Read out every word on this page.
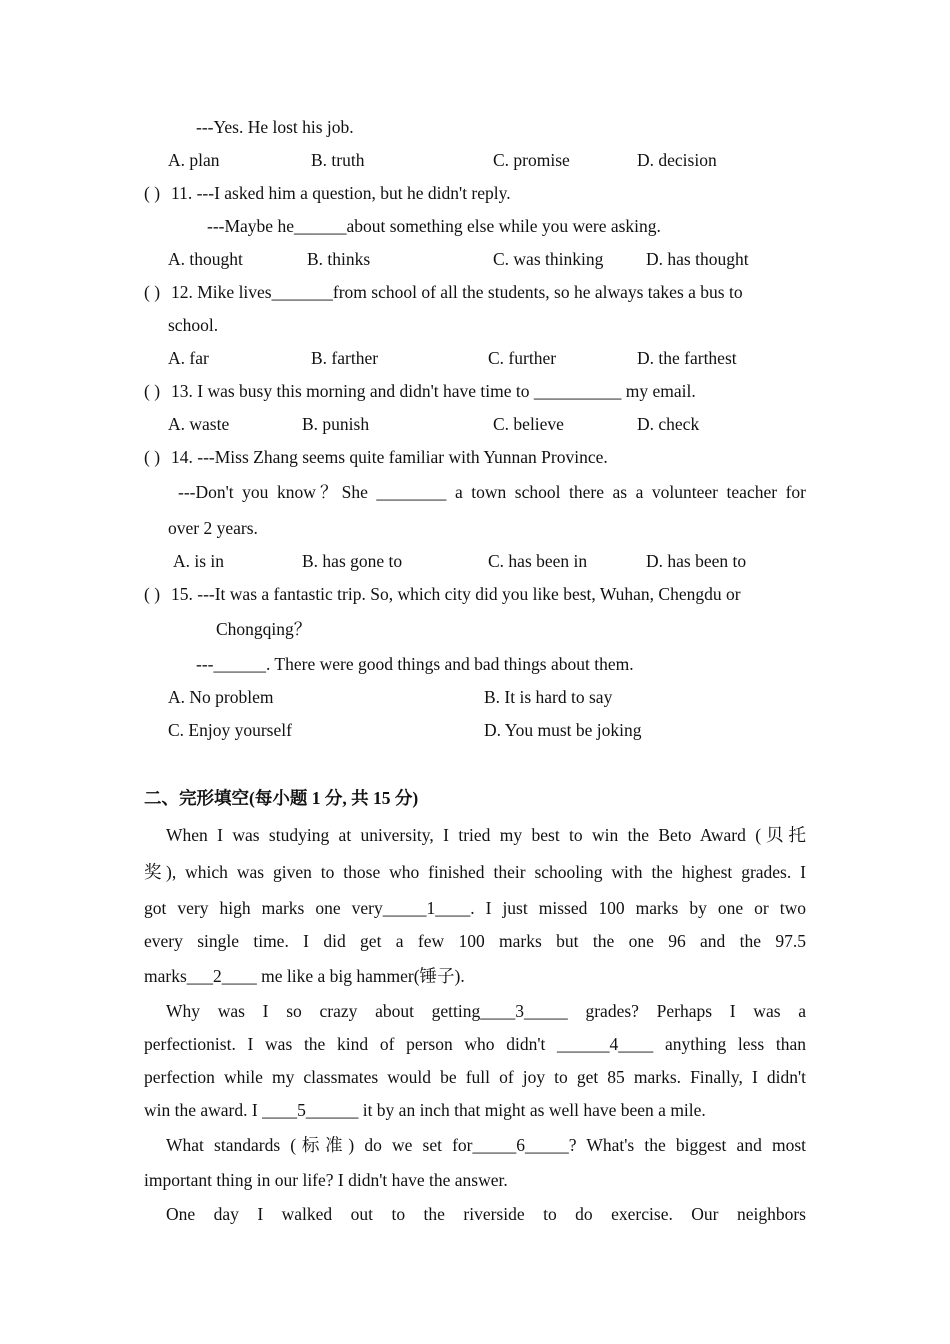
---Yes. He lost his job.
A. plan	B. truth	C. promise	D. decision
( ) 11. ---I asked him a question, but he didn't reply.
---Maybe he______about something else while you were asking.
A. thought	B. thinks	C. was thinking D. has thought
( ) 12. Mike lives_______from school of all the students, so he always takes a bus to
school.
A. far	B. farther	C. further	D. the farthest
( ) 13. I was busy this morning and didn't have time to __________ my email.
A. waste	B. punish	C. believe	D. check
( ) 14. ---Miss Zhang seems quite familiar with Yunnan Province.
---Don't you know？She ________ a town school there as a volunteer teacher for
over 2 years.
A. is in	B. has gone to	C. has been in	D. has been to
( ) 15. ---It was a fantastic trip. So, which city did you like best, Wuhan, Chengdu or
Chongqing？
---______. There were good things and bad things about them.
A. No problem	B. It is hard to say
C. Enjoy yourself	D. You must be joking
二、完形填空(每小题 1 分, 共 15 分)
When I was studying at university, I tried my best to win the Beto Award (贝托
奖), which was given to those who finished their schooling with the highest grades. I
got very high marks one very_____1____. I just missed 100 marks by one or two
every single time. I did get a few 100 marks but the one 96 and the 97.5
marks___2____ me like a big hammer(锤子).
Why was I so crazy about getting____3_____ grades? Perhaps I was a
perfectionist. I was the kind of person who didn't ______4____ anything less than
perfection while my classmates would be full of joy to get 85 marks. Finally, I didn't
win the award. I ____5______ it by an inch that might as well have been a mile.
What standards (标准) do we set for_____6_____? What's the biggest and most
important thing in our life? I didn't have the answer.
One day I walked out to the riverside to do exercise. Our neighbors
